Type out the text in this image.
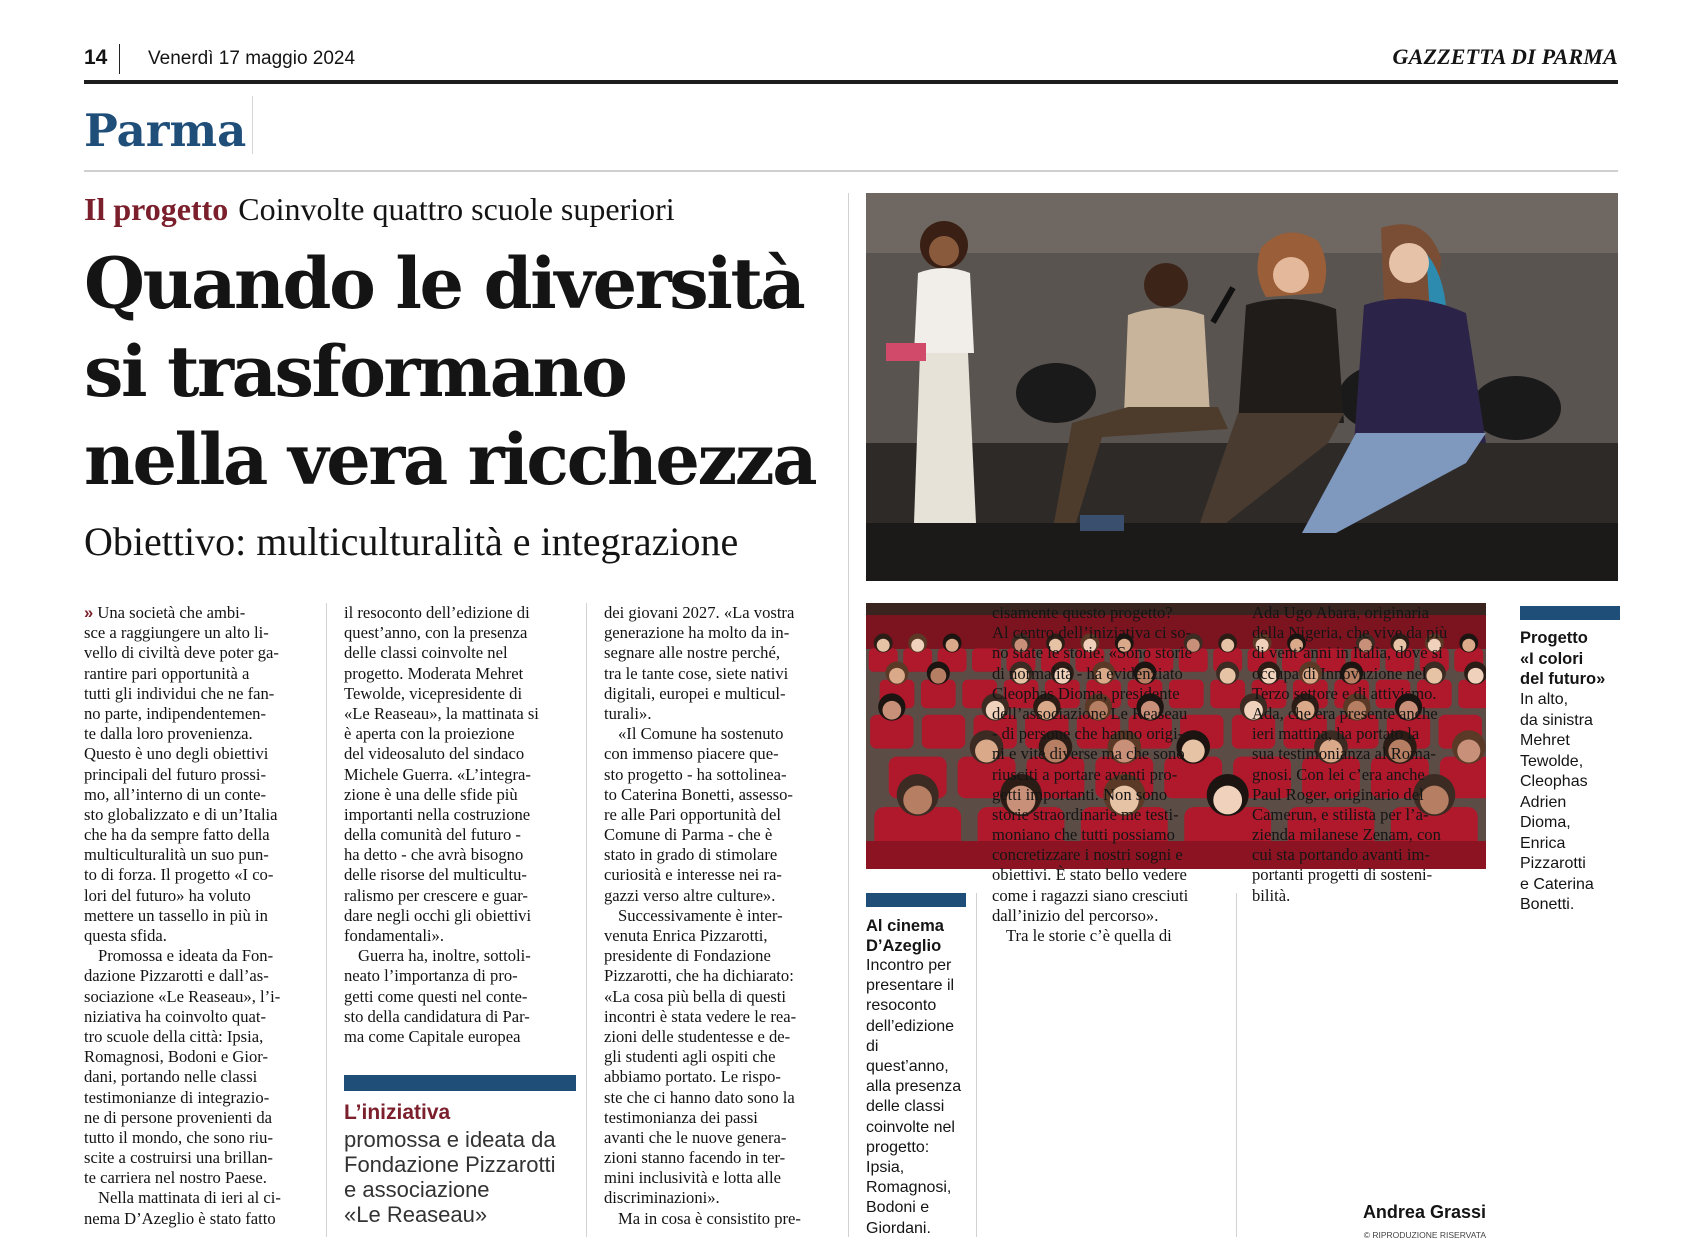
14 Venerdì 17 maggio 2024	GAZZETTA DI PARMA
Parma
Il progetto Coinvolte quattro scuole superiori
Quando le diversità
si trasformano
nella vera ricchezza
Obiettivo: multiculturalità e integrazione
» Una società che ambi-
sce a raggiungere un alto li-
vello di civiltà deve poter ga-
rantire pari opportunità a
tutti gli individui che ne fan-
no parte, indipendentemen-
te dalla loro provenienza.
Questo è uno degli obiettivi
principali del futuro prossi-
mo, all’interno di un conte-
sto globalizzato e di un’Italia
che ha da sempre fatto della
multiculturalità un suo pun-
to di forza. Il progetto «I co-
lori del futuro» ha voluto
mettere un tassello in più in
questa sfida.
Promossa e ideata da Fon-
dazione Pizzarotti e dall’as-
sociazione «Le Reaseau», l’i-
niziativa ha coinvolto quat-
tro scuole della città: Ipsia,
Romagnosi, Bodoni e Gior-
dani, portando nelle classi
testimonianze di integrazio-
ne di persone provenienti da
tutto il mondo, che sono riu-
scite a costruirsi una brillan-
te carriera nel nostro Paese.
Nella mattinata di ieri al ci-
nema D’Azeglio è stato fatto
il resoconto dell’edizione di
quest’anno, con la presenza
delle classi coinvolte nel
progetto. Moderata Mehret
Tewolde, vicepresidente di
«Le Reaseau», la mattinata si
è aperta con la proiezione
del videosaluto del sindaco
Michele Guerra. «L’integra-
zione è una delle sfide più
importanti nella costruzione
della comunità del futuro -
ha detto - che avrà bisogno
delle risorse del multicultu-
ralismo per crescere e guar-
dare negli occhi gli obiettivi
fondamentali».
Guerra ha, inoltre, sottoli-
neato l’importanza di pro-
getti come questi nel conte-
sto della candidatura di Par-
ma come Capitale europea
dei giovani 2027. «La vostra
generazione ha molto da in-
segnare alle nostre perché,
tra le tante cose, siete nativi
digitali, europei e multicul-
turali».
«Il Comune ha sostenuto
con immenso piacere que-
sto progetto - ha sottolinea-
to Caterina Bonetti, assesso-
re alle Pari opportunità del
Comune di Parma - che è
stato in grado di stimolare
curiosità e interesse nei ra-
gazzi verso altre culture».
Successivamente è inter-
venuta Enrica Pizzarotti,
presidente di Fondazione
Pizzarotti, che ha dichiarato:
«La cosa più bella di questi
incontri è stata vedere le rea-
zioni delle studentesse e de-
gli studenti agli ospiti che
abbiamo portato. Le rispo-
ste che ci hanno dato sono la
testimonianza dei passi
avanti che le nuove genera-
zioni stanno facendo in ter-
mini inclusività e lotta alle
discriminazioni».
Ma in cosa è consistito pre-
cisamente questo progetto?
Al centro dell’iniziativa ci so-
no state le storie. «Sono storie
di normalità - ha evidenziato
Cleophas Dioma, presidente
dell’associazione Le Reaseau
- di persone che hanno origi-
ni e vite diverse ma che sono
riusciti a portare avanti pro-
getti importanti. Non sono
storie straordinarie me testi-
moniano che tutti possiamo
concretizzare i nostri sogni e
obiettivi. È stato bello vedere
come i ragazzi siano cresciuti
dall’inizio del percorso».
Tra le storie c’è quella di
Ada Ugo Abara, originaria
della Nigeria, che vive da più
di vent’anni in Italia, dove si
occupa di Innovazione nel
Terzo settore e di attivismo.
Ada, che era presente anche
ieri mattina, ha portato la
sua testimonianza al Roma-
gnosi. Con lei c’era anche
Paul Roger, originario del
Camerun, e stilista per l’a-
zienda milanese Zenam, con
cui sta portando avanti im-
portanti progetti di sosteni-
bilità.
L’iniziativa
promossa e ideata da
Fondazione Pizzarotti
e associazione
«Le Reaseau»
Al cinema
D’Azeglio
Incontro per
presentare il
resoconto
dell’edizione
di
quest’anno,
alla presenza
delle classi
coinvolte nel
progetto:
Ipsia,
Romagnosi,
Bodoni e
Giordani.
Progetto
«I colori
del futuro»
In alto,
da sinistra
Mehret
Tewolde,
Cleophas
Adrien
Dioma,
Enrica
Pizzarotti
e Caterina
Bonetti.
Andrea Grassi
© RIPRODUZIONE RISERVATA
